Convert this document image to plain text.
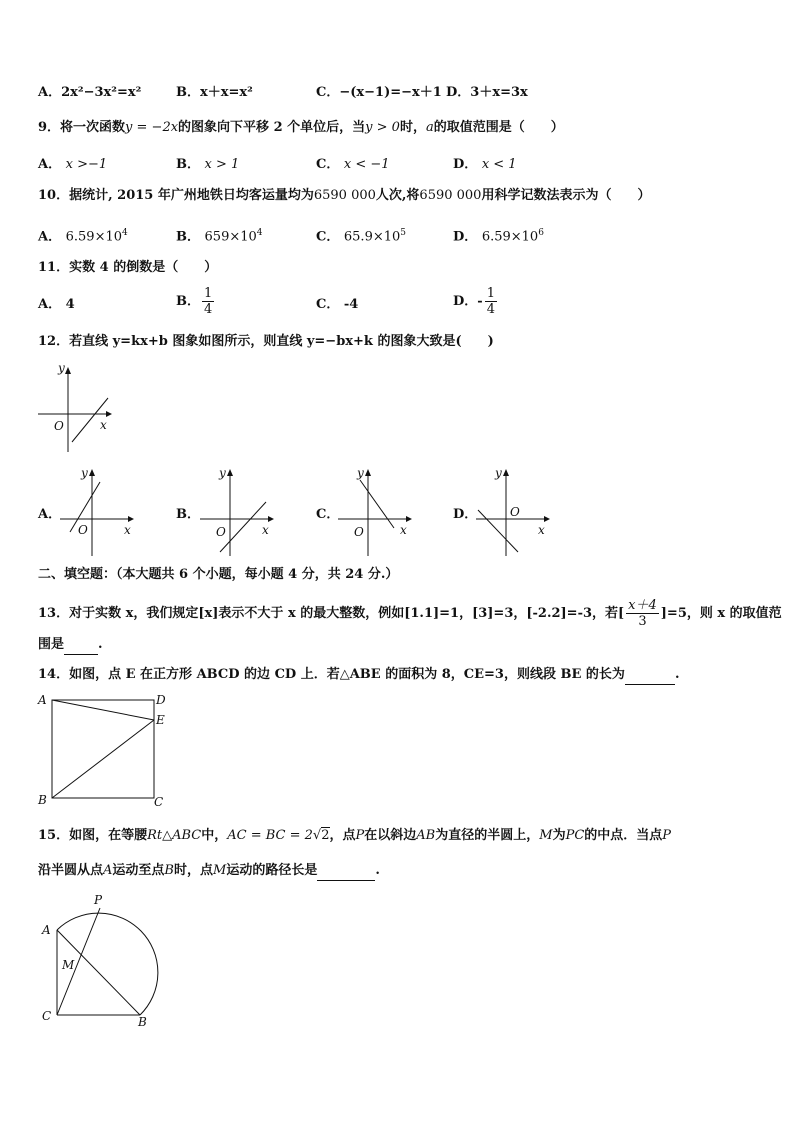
A．2x²−3x²=x²	B．x＋x=x²	C．−(x−1)=−x＋1 D．3＋x=3x
9．将一次函数y = −2x的图象向下平移 2 个单位后，当y > 0时，a的取值范围是（　　）
A． x >−1	B． x > 1	C． x < −1	D． x < 1
10．据统计, 2015 年广州地铁日均客运量均为6590 000人次,将6590 000用科学记数法表示为（　　）
A． $6.59\times 10^4$	B． $659\times 10^4$	C． $65.9\times 10^5$	D． $6.59\times 10^6$
11．实数 4 的倒数是（　　）
A． 4	B． $\frac{1}{4}$	C． -4	D．- $\frac{1}{4}$
12．若直线 y=kx+b 图象如图所示，则直线 y=−bx+k 的图象大致是(　　)
y
x
O
A．
y
x
O
B．
y
x
O
C．
y
x
O
D．
y
x
O
二、填空题：（本大题共 6 个小题，每小题 4 分，共 24 分.）
13．对于实数 x，我们规定[x]表示不大于 x 的最大整数，例如[1.1]=1，[3]=3，[-2.2]=-3，若[ $\frac{x+4}{3} ]=5$，则 x 的取值范
围是	.
14．如图，点 E 在正方形 ABCD 的边 CD 上．若△ABE 的面积为 8，CE=3，则线段 BE 的长为	.
A	D
E
B	C
15．如图，在等腰Rt△ABC中，AC = BC = 2√2，点P在以斜边AB为直径的半圆上，M为PC的中点．当点P
沿半圆从点A运动至点B时，点M运动的路径长是	.
A
P
M
C	B
